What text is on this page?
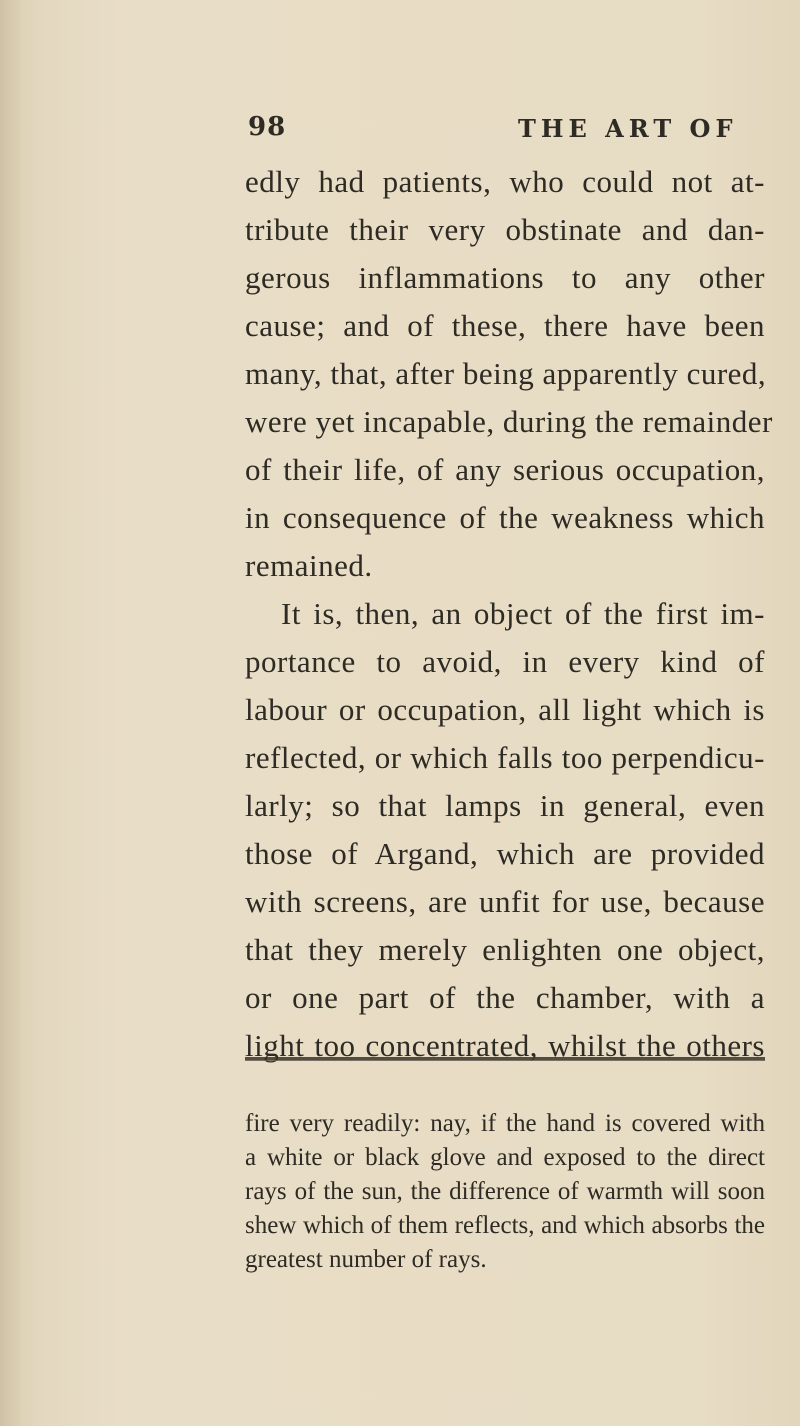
98	THE ART OF
edly had patients, who could not at-
tribute their very obstinate and dan-
gerous inflammations to any other
cause; and of these, there have been
many, that, after being apparently cured,
were yet incapable, during the remainder
of their life, of any serious occupation,
in consequence of the weakness which
remained.
It is, then, an object of the first im-
portance to avoid, in every kind of
labour or occupation, all light which is
reflected, or which falls too perpendicu-
larly; so that lamps in general, even
those of Argand, which are provided
with screens, are unfit for use, because
that they merely enlighten one object,
or one part of the chamber, with a
light too concentrated, whilst the others
fire very readily: nay, if the hand is covered with
a white or black glove and exposed to the direct
rays of the sun, the difference of warmth will soon
shew which of them reflects, and which absorbs the
greatest number of rays.
